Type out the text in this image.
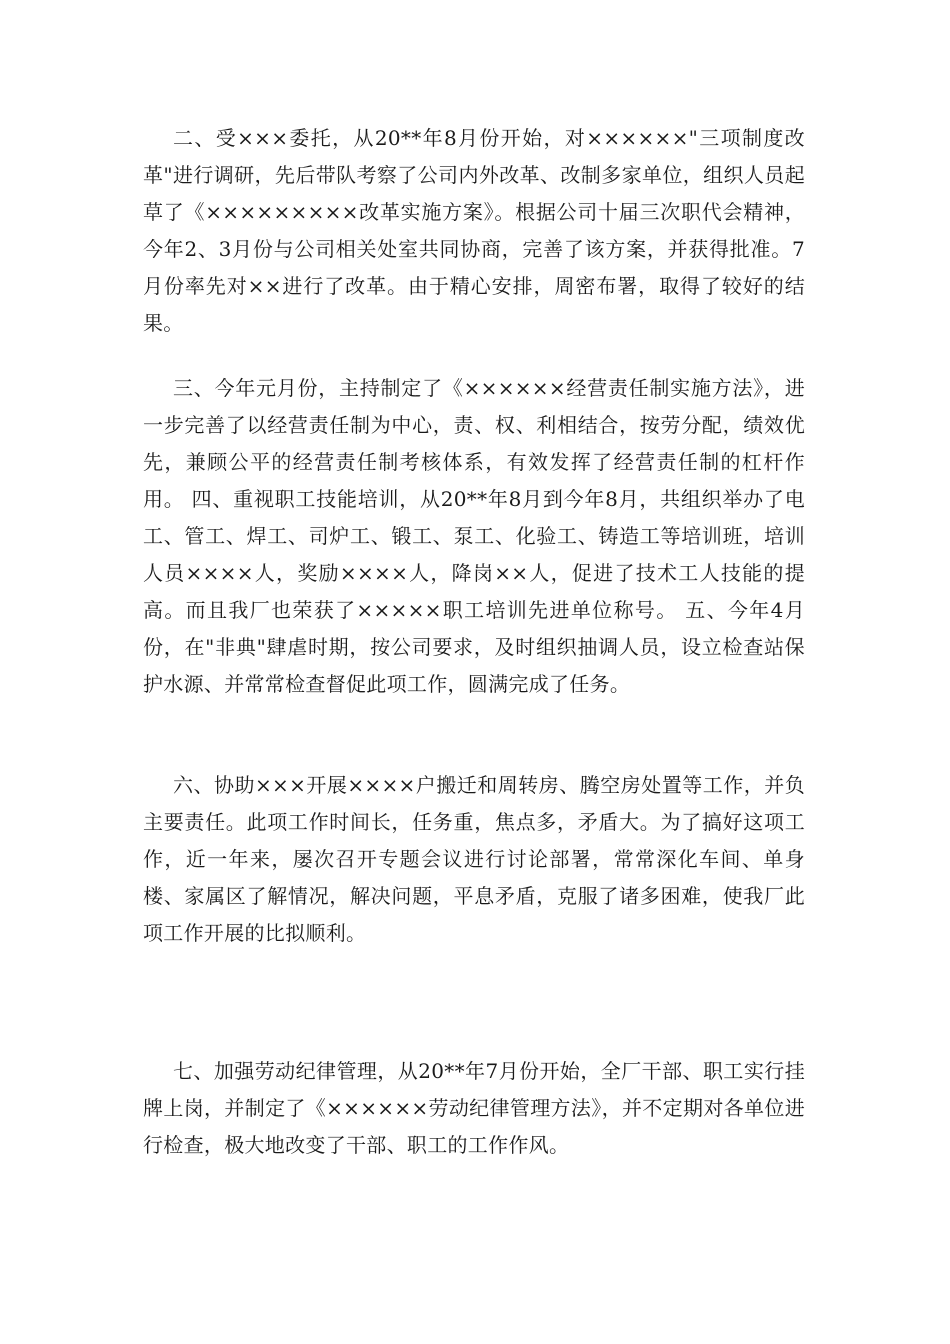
二、受×××委托，从20**年8月份开始，对××××××"三项制度改革"进行调研，先后带队考察了公司内外改革、改制多家单位，组织人员起草了《×××××××××改革实施方案》。根据公司十届三次职代会精神，今年2、3月份与公司相关处室共同协商，完善了该方案，并获得批准。7月份率先对××进行了改革。由于精心安排，周密布署，取得了较好的结果。

三、今年元月份，主持制定了《××××××经营责任制实施方法》，进一步完善了以经营责任制为中心，责、权、利相结合，按劳分配，绩效优先，兼顾公平的经营责任制考核体系，有效发挥了经营责任制的杠杆作用。 四、重视职工技能培训，从20**年8月到今年8月，共组织举办了电工、管工、焊工、司炉工、锻工、泵工、化验工、铸造工等培训班，培训人员××××人，奖励××××人，降岗××人，促进了技术工人技能的提高。而且我厂也荣获了×××××职工培训先进单位称号。 五、今年4月份，在"非典"肆虐时期，按公司要求，及时组织抽调人员，设立检查站保护水源、并常常检查督促此项工作，圆满完成了任务。

六、协助×××开展××××户搬迁和周转房、腾空房处置等工作，并负主要责任。此项工作时间长，任务重，焦点多，矛盾大。为了搞好这项工作，近一年来，屡次召开专题会议进行讨论部署，常常深化车间、单身楼、家属区了解情况，解决问题，平息矛盾，克服了诸多困难，使我厂此项工作开展的比拟顺利。

七、加强劳动纪律管理，从20**年7月份开始，全厂干部、职工实行挂牌上岗，并制定了《××××××劳动纪律管理方法》，并不定期对各单位进行检查，极大地改变了干部、职工的工作作风。
